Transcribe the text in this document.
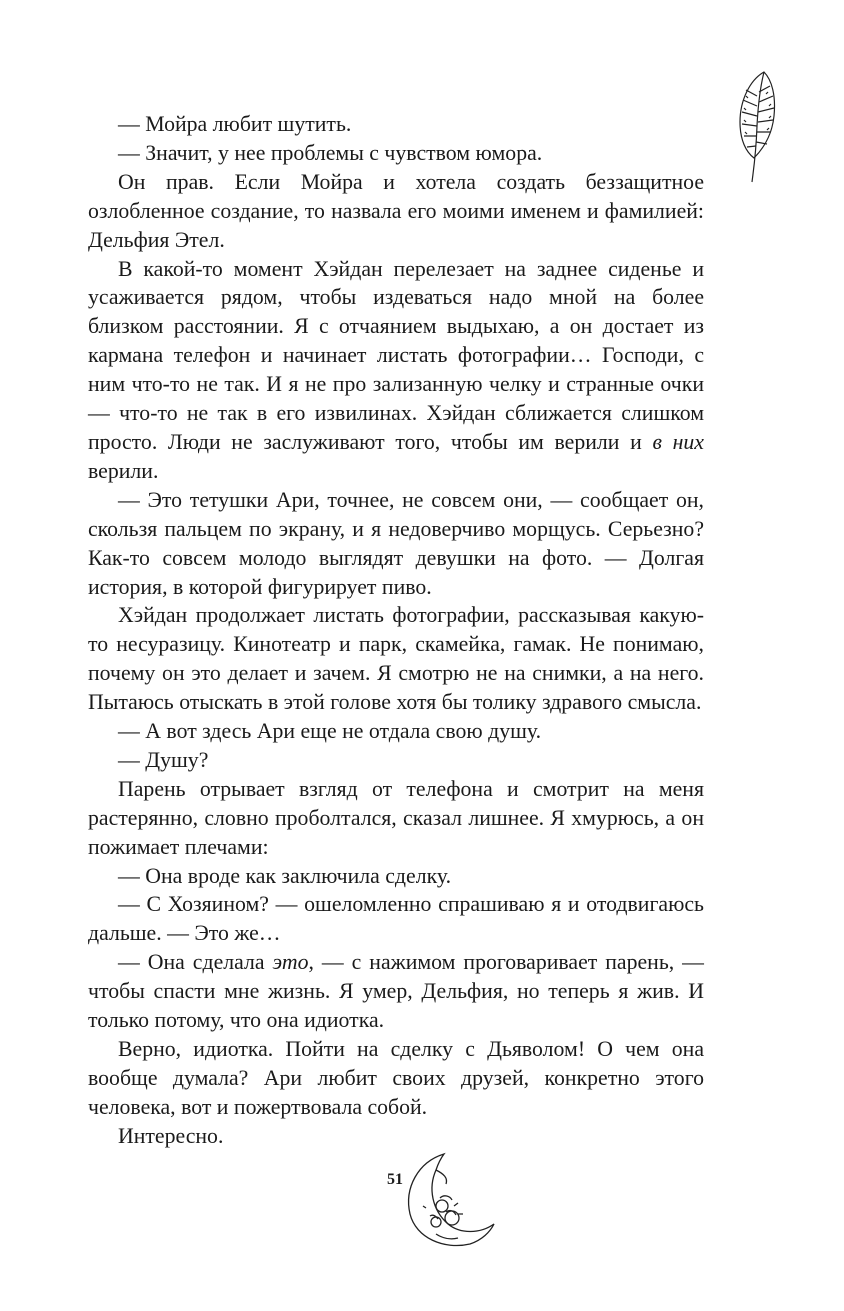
— Мойра любит шутить.

— Значит, у нее проблемы с чувством юмора.

Он прав. Если Мойра и хотела создать беззащитное озлобленное создание, то назвала его моими именем и фамилией: Дельфия Этел.

В какой-то момент Хэйдан перелезает на заднее сиденье и усаживается рядом, чтобы издеваться надо мной на более близком расстоянии. Я с отчаянием выдыхаю, а он достает из кармана телефон и начинает листать фотографии… Господи, с ним что-то не так. И я не про зализанную челку и странные очки — что-то не так в его извилинах. Хэйдан сближается слишком просто. Люди не заслуживают того, чтобы им верили и в них верили.

— Это тетушки Ари, точнее, не совсем они, — сообщает он, скользя пальцем по экрану, и я недоверчиво морщусь. Серьезно? Как-то совсем молодо выглядят девушки на фото. — Долгая история, в которой фигурирует пиво.

Хэйдан продолжает листать фотографии, рассказывая какую-то несуразицу. Кинотеатр и парк, скамейка, гамак. Не понимаю, почему он это делает и зачем. Я смотрю не на снимки, а на него. Пытаюсь отыскать в этой голове хотя бы толику здравого смысла.

— А вот здесь Ари еще не отдала свою душу.

— Душу?

Парень отрывает взгляд от телефона и смотрит на меня растерянно, словно проболтался, сказал лишнее. Я хмурюсь, а он пожимает плечами:

— Она вроде как заключила сделку.

— С Хозяином? — ошеломленно спрашиваю я и отодвигаюсь дальше. — Это же…

— Она сделала это, — с нажимом проговаривает парень, — чтобы спасти мне жизнь. Я умер, Дельфия, но теперь я жив. И только потому, что она идиотка.

Верно, идиотка. Пойти на сделку с Дьяволом! О чем она вообще думала? Ари любит своих друзей, конкретно этого человека, вот и пожертвовала собой.

Интересно.

51
